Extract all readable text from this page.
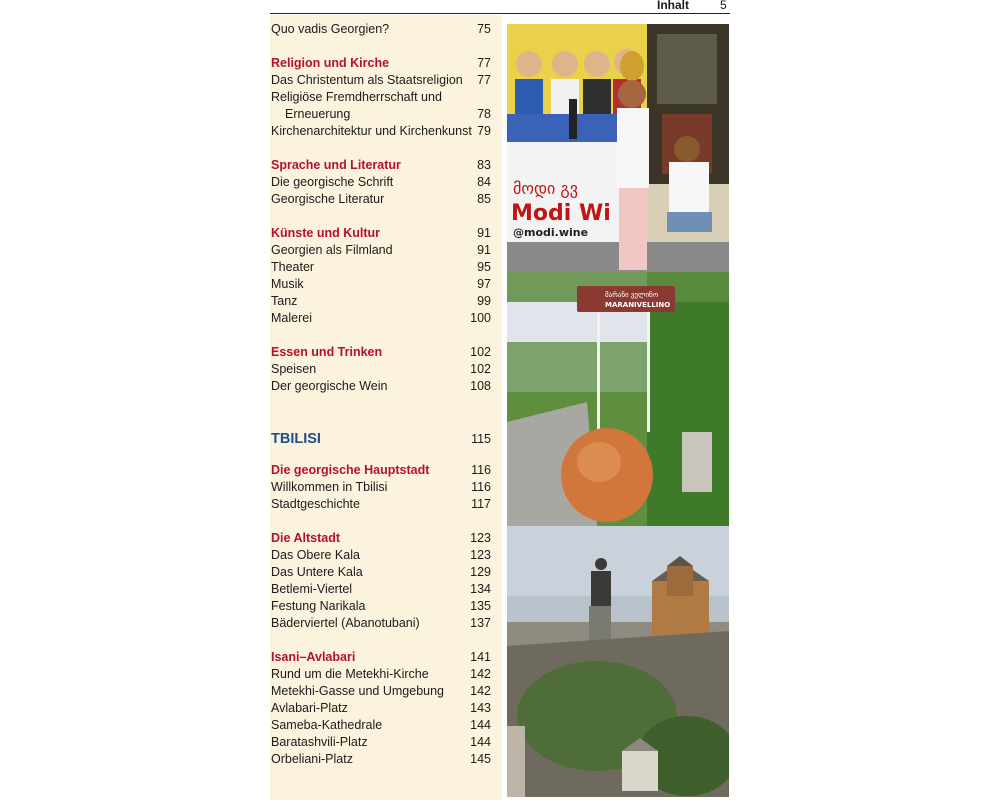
Inhalt	5
Quo vadis Georgien?	75
Religion und Kirche	77
Das Christentum als Staatsreligion 77
Religiöse Fremdherrschaft und
Erneuerung	78
Kirchenarchitektur und Kirchenkunst 79
Sprache und Literatur	83
Die georgische Schrift	84
Georgische Literatur	85
Künste und Kultur	91
Georgien als Filmland	91
Theater	95
Musik	97
Tanz	99
Malerei	100
Essen und Trinken	102
Speisen	102
Der georgische Wein	108
TBILISI	115
Die georgische Hauptstadt	116
Willkommen in Tbilisi	116
Stadtgeschichte	117
Die Altstadt	123
Das Obere Kala	123
Das Untere Kala	129
Betlemi-Viertel	134
Festung Narikala	135
Bäderviertel (Abanotubani)	137
Isani–Avlabari	141
Rund um die Metekhi-Kirche	142
Metekhi-Gasse und Umgebung 142
Avlabari-Platz	143
Sameba-Kathedrale	144
Baratashvili-Platz	144
Orbeliani-Platz	145
მოდი გვ
Modi Wi
@modi.wine
მარანი ველინო
MARANIVELLINO
